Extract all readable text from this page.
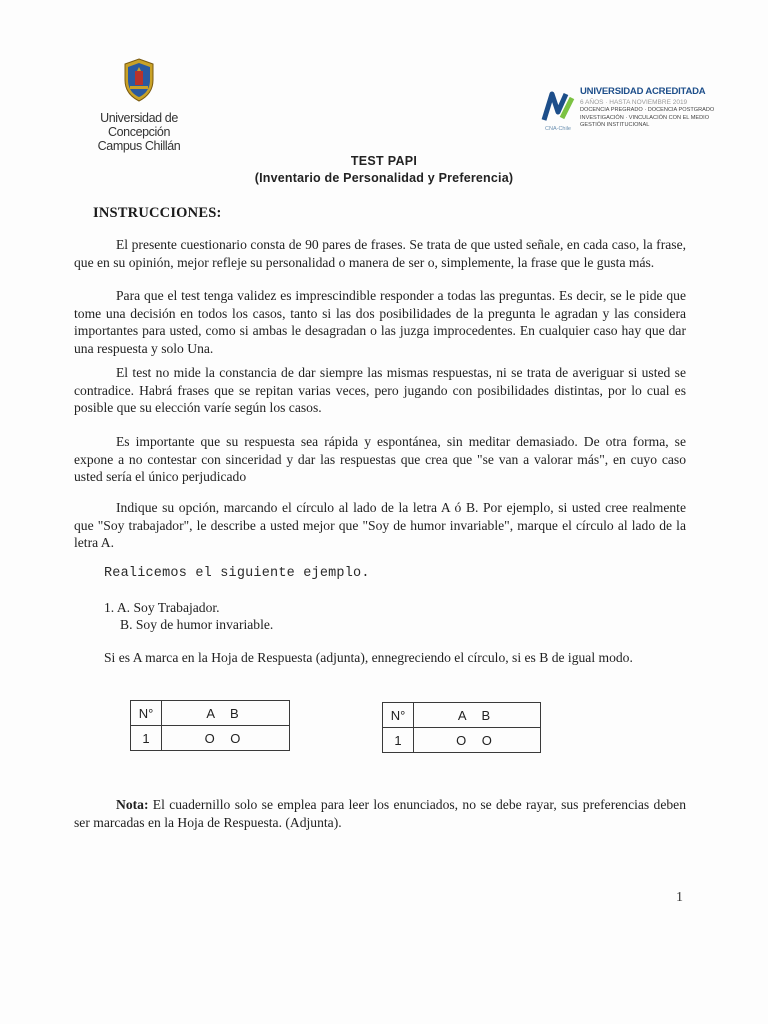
Universidad de Concepción
Campus Chillán
UNIVERSIDAD ACREDITADA
6 AÑOS · HASTA NOVIEMBRE 2019
DOCENCIA PREGRADO · DOCENCIA POSTGRADO
INVESTIGACIÓN · VINCULACIÓN CON EL MEDIO
GESTIÓN INSTITUCIONAL
CNA-Chile
TEST PAPI
(Inventario de Personalidad y Preferencia)
INSTRUCCIONES:
El presente cuestionario consta de 90 pares de frases. Se trata de que usted señale, en cada caso, la frase, que en su opinión, mejor refleje su personalidad o manera de ser o, simplemente, la frase que le gusta más.
Para que el test tenga validez es imprescindible responder a todas las preguntas. Es decir, se le pide que tome una decisión en todos los casos, tanto si las dos posibilidades de la pregunta le agradan y las considera importantes para usted, como si ambas le desagradan o las juzga improcedentes. En cualquier caso hay que dar una respuesta y solo Una.
El test no mide la constancia de dar siempre las mismas respuestas, ni se trata de averiguar si usted se contradice. Habrá frases que se repitan varias veces, pero jugando con posibilidades distintas, por lo cual es posible que su elección varíe según los casos.
Es importante que su respuesta sea rápida y espontánea, sin meditar demasiado. De otra forma, se expone a no contestar con sinceridad y dar las respuestas que crea que "se van a valorar más", en cuyo caso usted sería el único perjudicado
Indique su opción, marcando el círculo al lado de la letra A ó B. Por ejemplo, si usted cree realmente que "Soy trabajador", le describe a usted mejor que "Soy de humor invariable", marque el círculo al lado de la letra A.
Realicemos el siguiente ejemplo.
1. A. Soy Trabajador.
B. Soy de humor invariable.
Si es A marca en la Hoja de Respuesta (adjunta), ennegreciendo el círculo, si es B de igual modo.
N°	A B
1	O O
N°	A B
1	O O
Nota: El cuadernillo solo se emplea para leer los enunciados, no se debe rayar, sus preferencias deben ser marcadas en la Hoja de Respuesta. (Adjunta).
1
